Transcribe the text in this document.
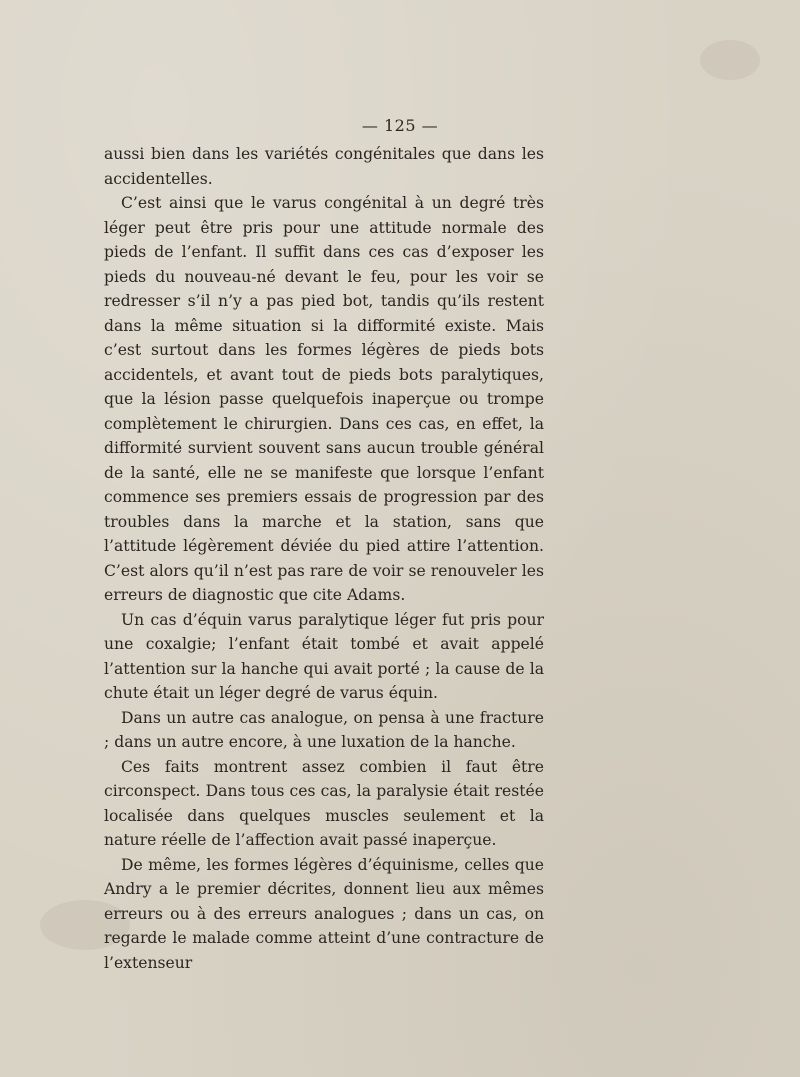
— 125 —

aussi bien dans les variétés congénitales que dans les accidentelles.

C’est ainsi que le varus congénital à un degré très léger peut être pris pour une attitude normale des pieds de l’enfant. Il suffit dans ces cas d’exposer les pieds du nouveau-né devant le feu, pour les voir se redresser s’il n’y a pas pied bot, tandis qu’ils restent dans la même situation si la difformité existe. Mais c’est surtout dans les formes légères de pieds bots accidentels, et avant tout de pieds bots paralytiques, que la lésion passe quelquefois inaperçue ou trompe complètement le chirurgien. Dans ces cas, en effet, la difformité survient souvent sans aucun trouble général de la santé, elle ne se manifeste que lorsque l’enfant commence ses premiers essais de progression par des troubles dans la marche et la station, sans que l’attitude légèrement déviée du pied attire l’attention. C’est alors qu’il n’est pas rare de voir se renouveler les erreurs de diagnostic que cite Adams.

Un cas d’équin varus paralytique léger fut pris pour une coxalgie; l’enfant était tombé et avait appelé l’attention sur la hanche qui avait porté ; la cause de la chute était un léger degré de varus équin.

Dans un autre cas analogue, on pensa à une fracture ; dans un autre encore, à une luxation de la hanche.

Ces faits montrent assez combien il faut être circonspect. Dans tous ces cas, la paralysie était restée localisée dans quelques muscles seulement et la nature réelle de l’affection avait passé inaperçue.

De même, les formes légères d’équinisme, celles que Andry a le premier décrites, donnent lieu aux mêmes erreurs ou à des erreurs analogues ; dans un cas, on regarde le malade comme atteint d’une contracture de l’extenseur
